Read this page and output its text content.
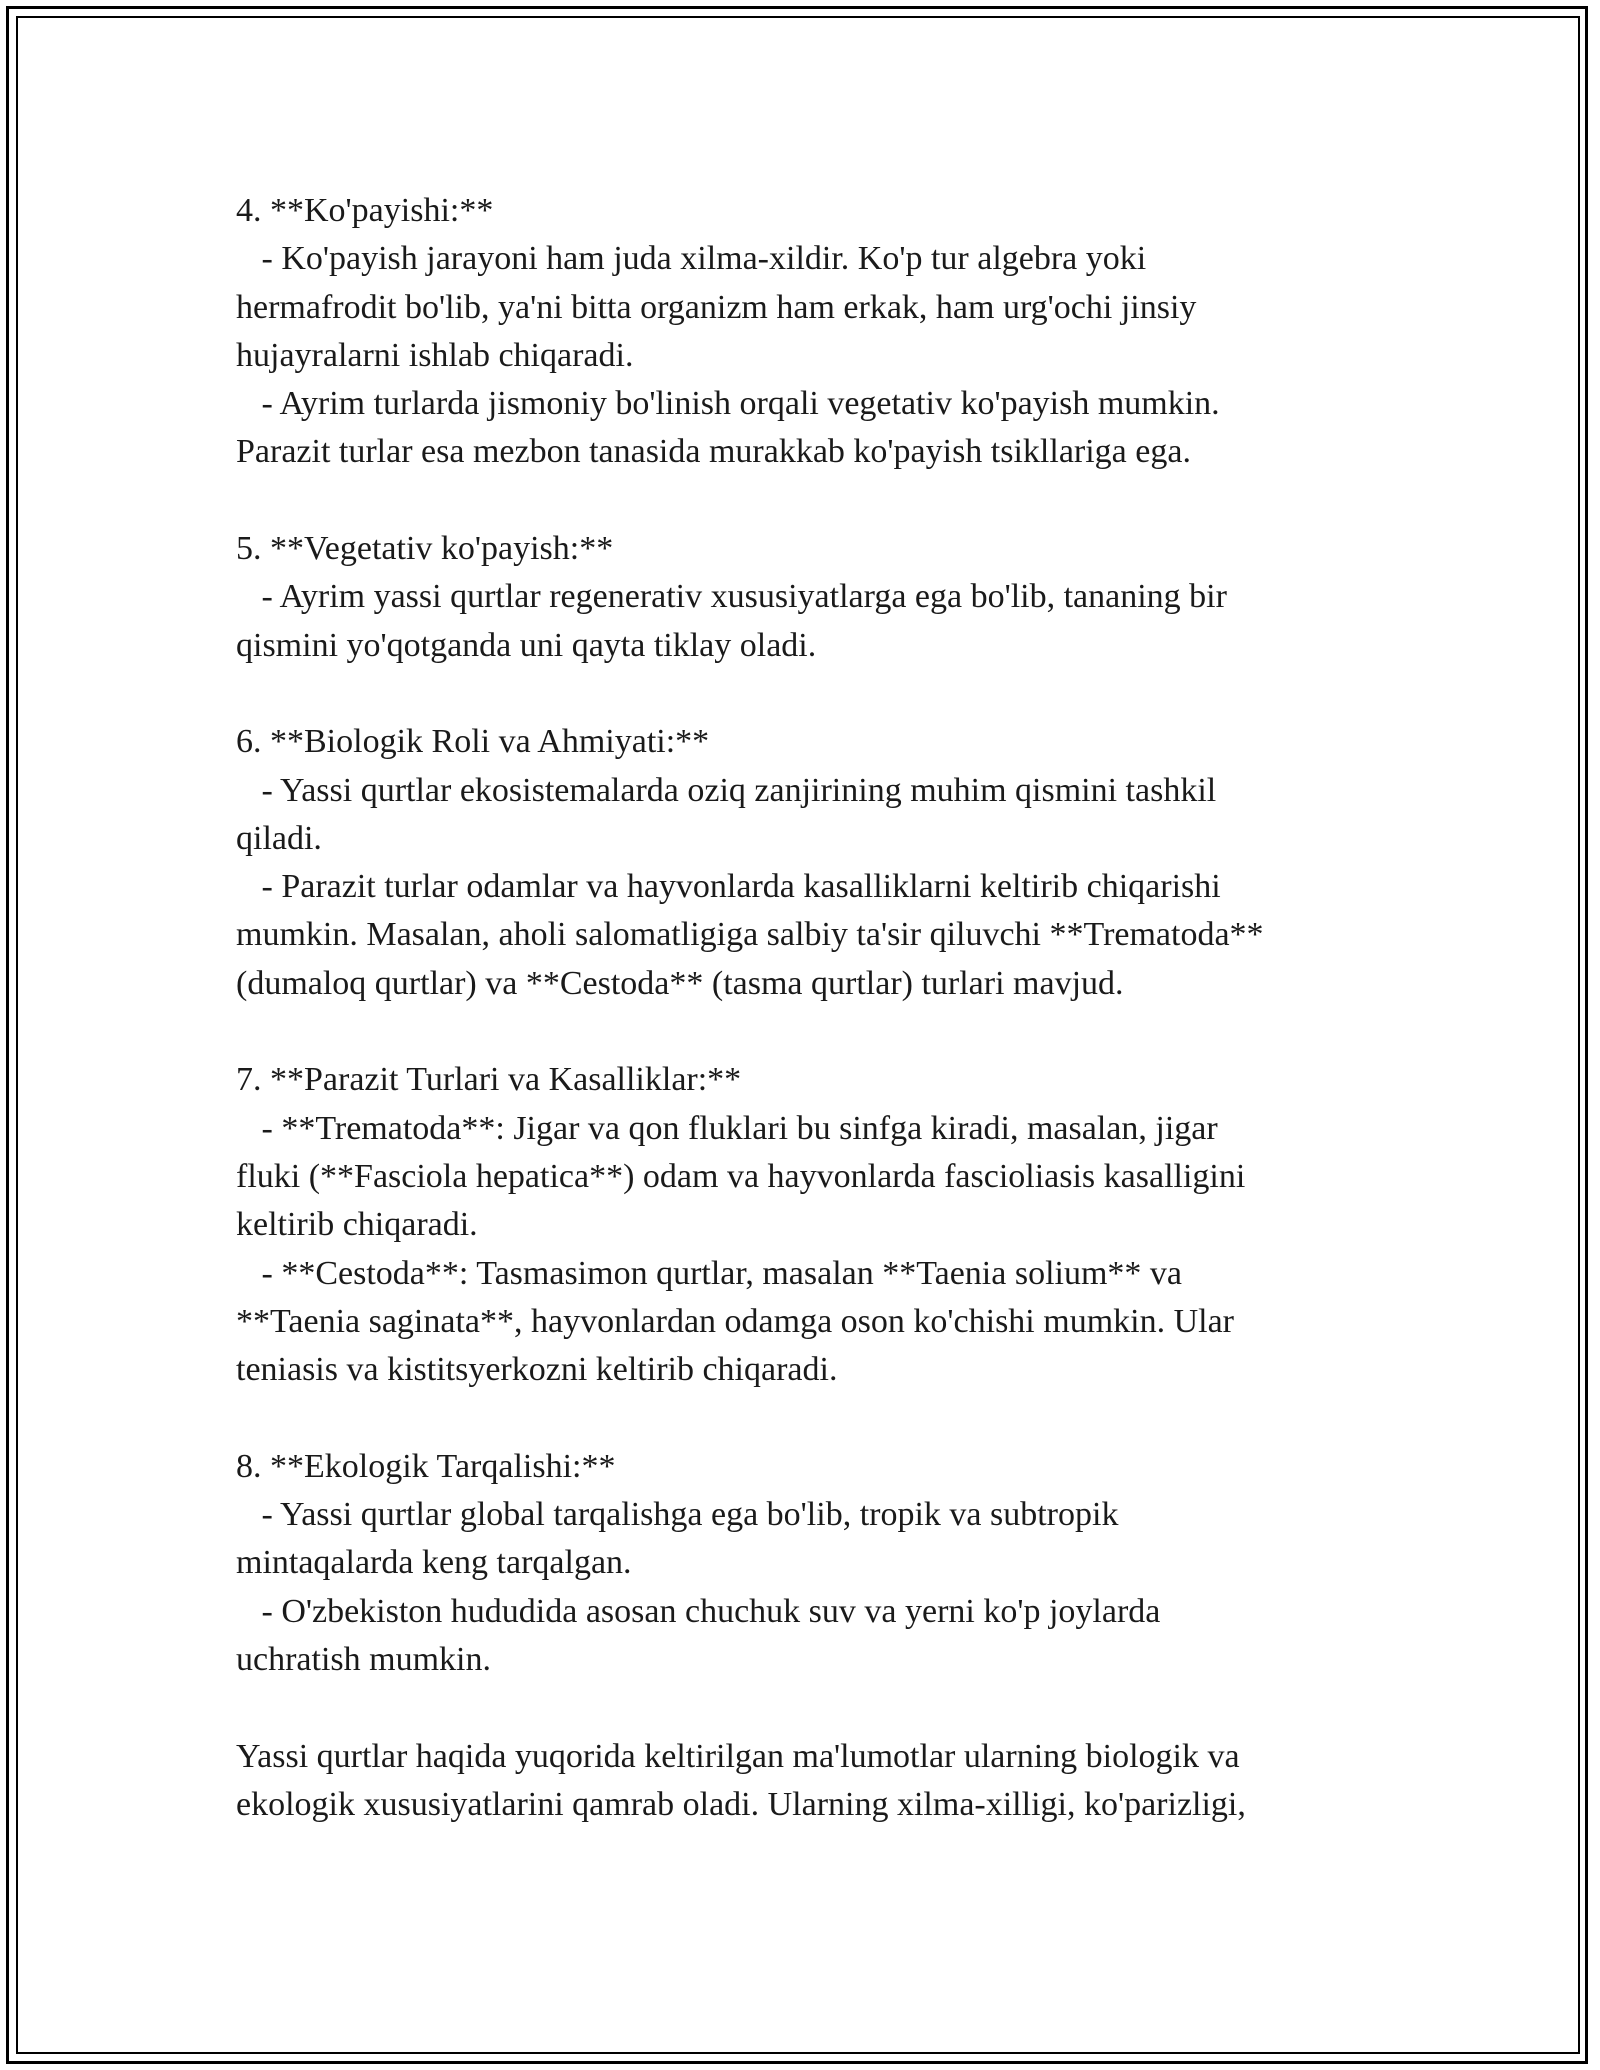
4. **Ko'payishi:**
- Ko'payish jarayoni ham juda xilma-xildir. Ko'p tur algebra yoki
hermafrodit bo'lib, ya'ni bitta organizm ham erkak, ham urg'ochi jinsiy
hujayralarni ishlab chiqaradi.
- Ayrim turlarda jismoniy bo'linish orqali vegetativ ko'payish mumkin.
Parazit turlar esa mezbon tanasida murakkab ko'payish tsikllariga ega.
5. **Vegetativ ko'payish:**
- Ayrim yassi qurtlar regenerativ xususiyatlarga ega bo'lib, tananing bir
qismini yo'qotganda uni qayta tiklay oladi.
6. **Biologik Roli va Ahmiyati:**
- Yassi qurtlar ekosistemalarda oziq zanjirining muhim qismini tashkil
qiladi.
- Parazit turlar odamlar va hayvonlarda kasalliklarni keltirib chiqarishi
mumkin. Masalan, aholi salomatligiga salbiy ta'sir qiluvchi **Trematoda**
(dumaloq qurtlar) va **Cestoda** (tasma qurtlar) turlari mavjud.
7. **Parazit Turlari va Kasalliklar:**
- **Trematoda**: Jigar va qon fluklari bu sinfga kiradi, masalan, jigar
fluki (**Fasciola hepatica**) odam va hayvonlarda fascioliasis kasalligini
keltirib chiqaradi.
- **Cestoda**: Tasmasimon qurtlar, masalan **Taenia solium** va
**Taenia saginata**, hayvonlardan odamga oson ko'chishi mumkin. Ular
teniasis va kistitsyerkozni keltirib chiqaradi.
8. **Ekologik Tarqalishi:**
- Yassi qurtlar global tarqalishga ega bo'lib, tropik va subtropik
mintaqalarda keng tarqalgan.
- O'zbekiston hududida asosan chuchuk suv va yerni ko'p joylarda
uchratish mumkin.
Yassi qurtlar haqida yuqorida keltirilgan ma'lumotlar ularning biologik va
ekologik xususiyatlarini qamrab oladi. Ularning xilma-xilligi, ko'parizligi,
